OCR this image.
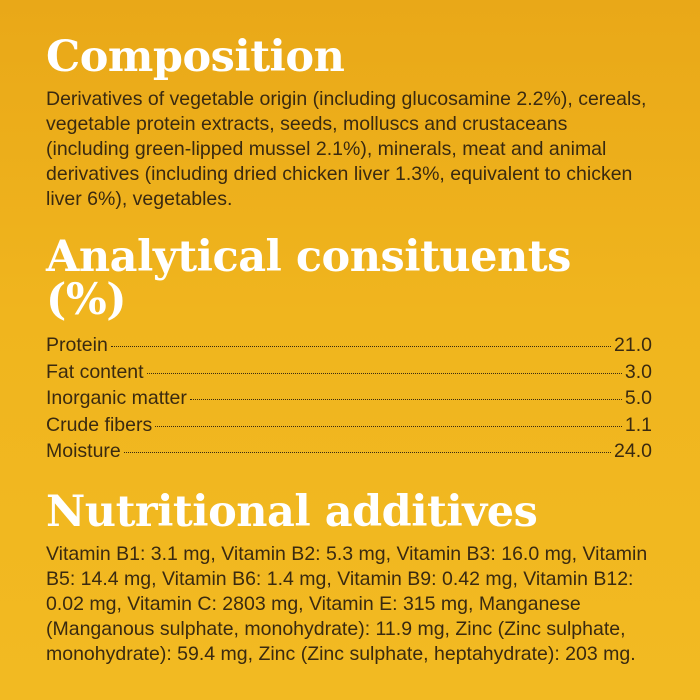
Composition

Derivatives of vegetable origin (including glucosamine 2.2%), cereals, vegetable protein extracts, seeds, molluscs and crustaceans (including green-lipped mussel 2.1%), minerals, meat and animal derivatives (including dried chicken liver 1.3%, equivalent to chicken liver 6%), vegetables.

Analytical consituents (%)
Protein	21.0
Fat content	3.0
Inorganic matter	5.0
Crude fibers	1.1
Moisture	24.0
Nutritional additives

Vitamin B1: 3.1 mg, Vitamin B2: 5.3 mg, Vitamin B3: 16.0 mg, Vitamin B5: 14.4 mg, Vitamin B6: 1.4 mg, Vitamin B9: 0.42 mg, Vitamin B12: 0.02 mg, Vitamin C: 2803 mg, Vitamin E: 315 mg, Manganese (Manganous sulphate, monohydrate): 11.9 mg, Zinc (Zinc sulphate, monohydrate): 59.4 mg, Zinc (Zinc sulphate, heptahydrate): 203 mg.
